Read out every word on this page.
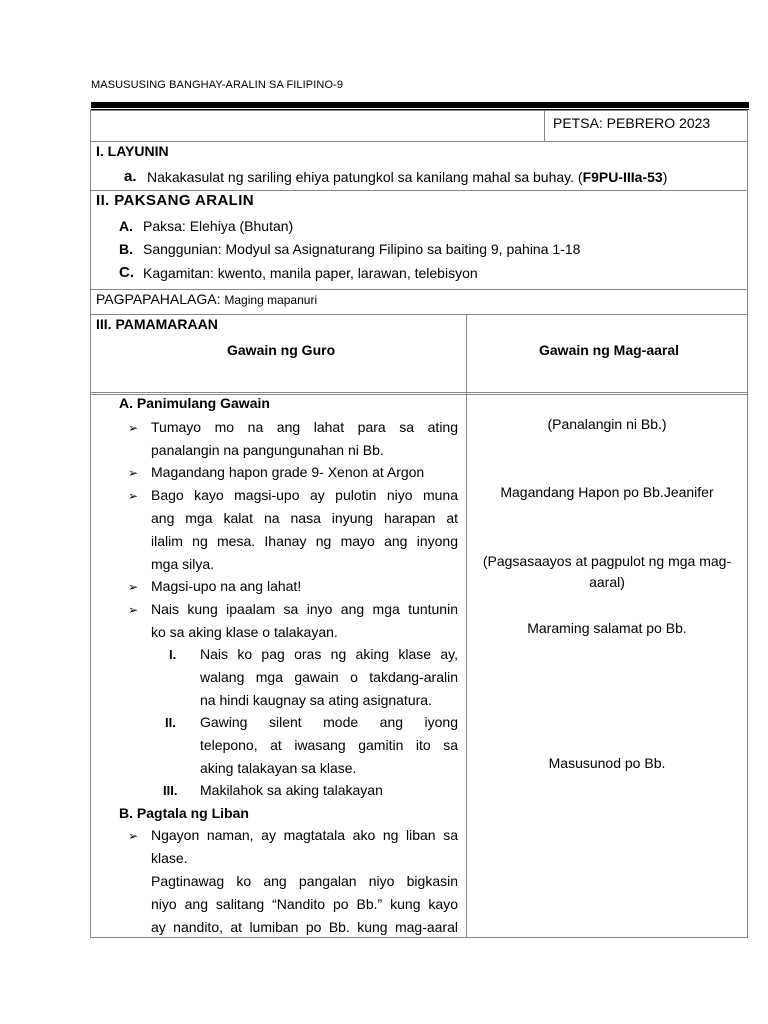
MASUSUSING BANGHAY-ARALIN SA FILIPINO-9
PETSA: PEBRERO 2023
I. LAYUNIN
a. Nakakasulat ng sariling ehiya patungkol sa kanilang mahal sa buhay. (F9PU-IIIa-53)
II. PAKSANG ARALIN
A. Paksa: Elehiya (Bhutan)
B. Sanggunian: Modyul sa Asignaturang Filipino sa baiting 9, pahina 1-18
C. Kagamitan: kwento, manila paper, larawan, telebisyon
PAGPAPAHALAGA: Maging mapanuri
III. PAMAMARAAN
Gawain ng Guro	Gawain ng Mag-aaral
A. Panimulang Gawain
➢ Tumayo mo na ang lahat para sa ating
panalangin na pangungunahan ni Bb.
➢ Magandang hapon grade 9- Xenon at Argon
➢ Bago kayo magsi-upo ay pulotin niyo muna
ang mga kalat na nasa inyung harapan at
ilalim ng mesa. Ihanay ng mayo ang inyong
mga silya.
➢ Magsi-upo na ang lahat!
➢ Nais kung ipaalam sa inyo ang mga tuntunin
ko sa aking klase o talakayan.
I. Nais ko pag oras ng aking klase ay,
walang mga gawain o takdang-aralin
na hindi kaugnay sa ating asignatura.
II. Gawing silent mode ang iyong
telepono, at iwasang gamitin ito sa
aking talakayan sa klase.
III. Makilahok sa aking talakayan
B. Pagtala ng Liban
➢ Ngayon naman, ay magtatala ako ng liban sa
klase.
Pagtinawag ko ang pangalan niyo bigkasin
niyo ang salitang “Nandito po Bb.” kung kayo
ay nandito, at lumiban po Bb. kung mag-aaral
(Panalangin ni Bb.)
Magandang Hapon po Bb.Jeanifer
(Pagsasaayos at pagpulot ng mga mag-
aaral)
Maraming salamat po Bb.
Masusunod po Bb.
